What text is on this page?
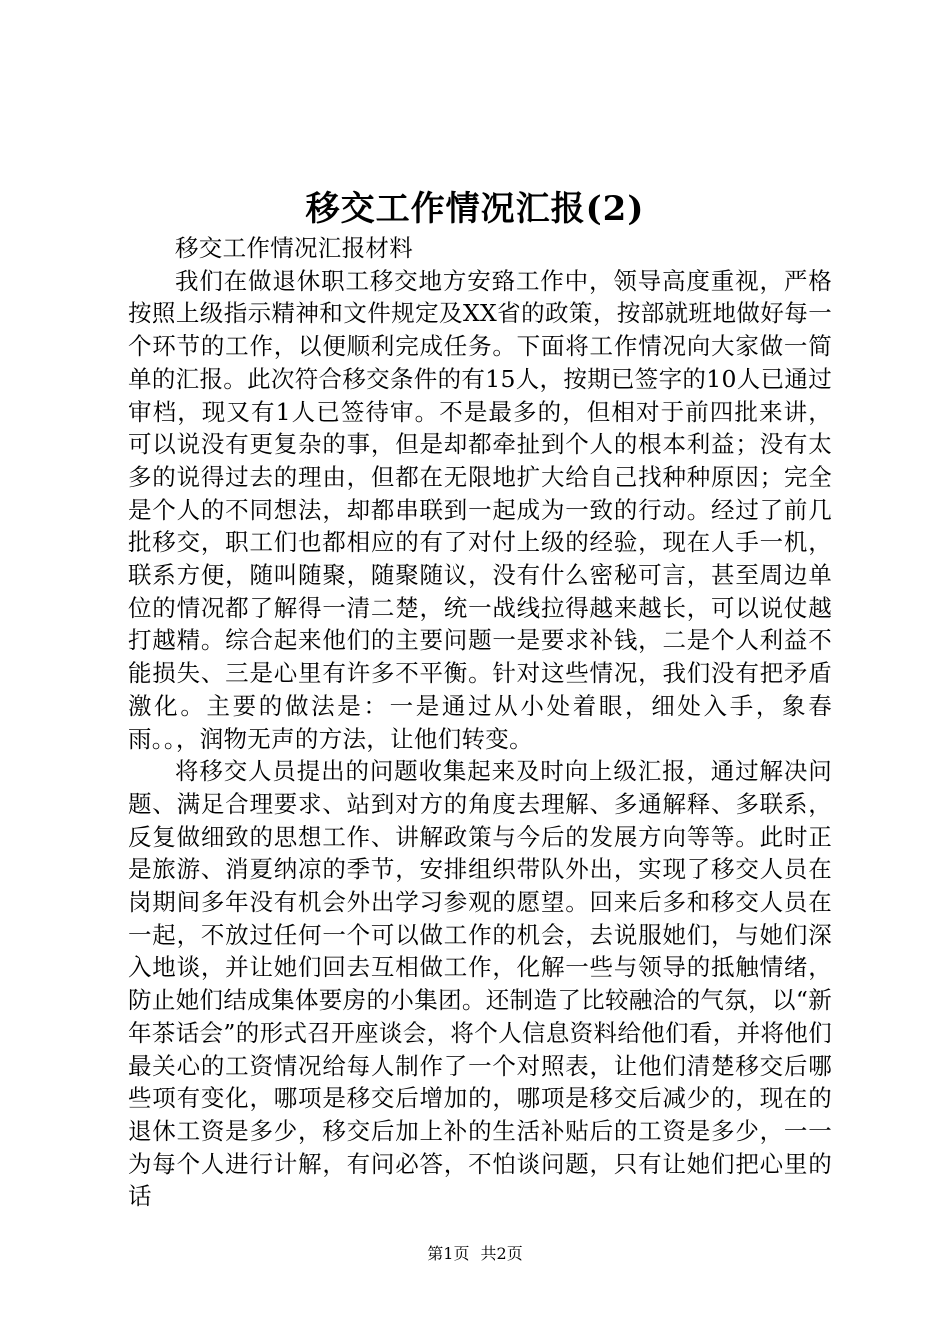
移交工作情况汇报(2)

移交工作情况汇报材料

我们在做退休职工移交地方安臵工作中，领导高度重视，严格按照上级指示精神和文件规定及XX省的政策，按部就班地做好每一个环节的工作，以便顺利完成任务。下面将工作情况向大家做一简单的汇报。此次符合移交条件的有15人，按期已签字的10人已通过审档，现又有1人已签待审。不是最多的，但相对于前四批来讲，可以说没有更复杂的事，但是却都牵扯到个人的根本利益；没有太多的说得过去的理由，但都在无限地扩大给自己找种种原因；完全是个人的不同想法，却都串联到一起成为一致的行动。经过了前几批移交，职工们也都相应的有了对付上级的经验，现在人手一机，联系方便，随叫随聚，随聚随议，没有什么密秘可言，甚至周边单位的情况都了解得一清二楚，统一战线拉得越来越长，可以说仗越打越精。综合起来他们的主要问题一是要求补钱，二是个人利益不能损失、三是心里有许多不平衡。针对这些情况，我们没有把矛盾激化。主要的做法是：一是通过从小处着眼，细处入手，象春雨。。，润物无声的方法，让他们转变。

将移交人员提出的问题收集起来及时向上级汇报，通过解决问题、满足合理要求、站到对方的角度去理解、多通解释、多联系，反复做细致的思想工作、讲解政策与今后的发展方向等等。此时正是旅游、消夏纳凉的季节，安排组织带队外出，实现了移交人员在岗期间多年没有机会外出学习参观的愿望。回来后多和移交人员在一起，不放过任何一个可以做工作的机会，去说服她们，与她们深入地谈，并让她们回去互相做工作，化解一些与领导的抵触情绪，防止她们结成集体要房的小集团。还制造了比较融洽的气氛，以“新年茶话会”的形式召开座谈会，将个人信息资料给他们看，并将他们最关心的工资情况给每人制作了一个对照表，让他们清楚移交后哪些项有变化，哪项是移交后增加的，哪项是移交后减少的，现在的退休工资是多少，移交后加上补的生活补贴后的工资是多少，一一为每个人进行计解，有问必答，不怕谈问题，只有让她们把心里的话

第1页 共2页
